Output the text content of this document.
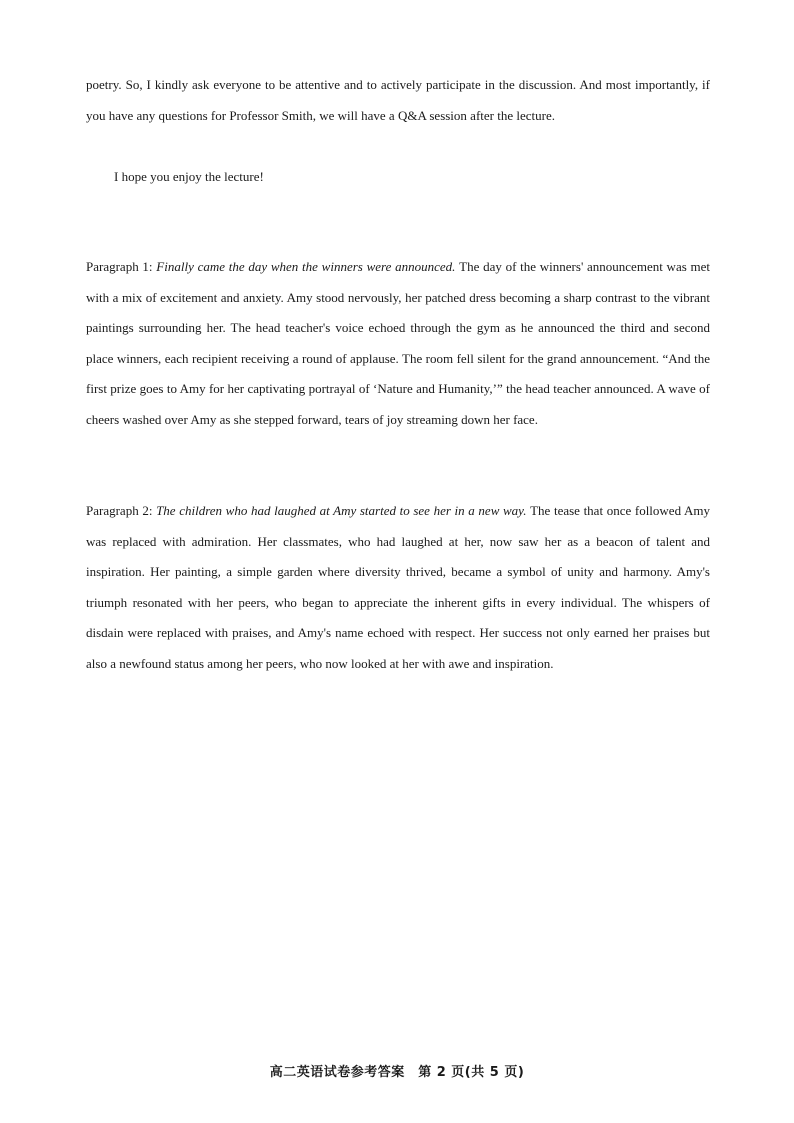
poetry. So, I kindly ask everyone to be attentive and to actively participate in the discussion. And most importantly, if you have any questions for Professor Smith, we will have a Q&A session after the lecture.
I hope you enjoy the lecture!
Paragraph 1: Finally came the day when the winners were announced. The day of the winners' announcement was met with a mix of excitement and anxiety. Amy stood nervously, her patched dress becoming a sharp contrast to the vibrant paintings surrounding her. The head teacher's voice echoed through the gym as he announced the third and second place winners, each recipient receiving a round of applause. The room fell silent for the grand announcement. “And the first prize goes to Amy for her captivating portrayal of ‘Nature and Humanity,’” the head teacher announced. A wave of cheers washed over Amy as she stepped forward, tears of joy streaming down her face.
Paragraph 2: The children who had laughed at Amy started to see her in a new way. The tease that once followed Amy was replaced with admiration. Her classmates, who had laughed at her, now saw her as a beacon of talent and inspiration. Her painting, a simple garden where diversity thrived, became a symbol of unity and harmony. Amy's triumph resonated with her peers, who began to appreciate the inherent gifts in every individual. The whispers of disdain were replaced with praises, and Amy's name echoed with respect. Her success not only earned her praises but also a newfound status among her peers, who now looked at her with awe and inspiration.
高二英语试卷参考答案　第 2 页(共 5 页)
